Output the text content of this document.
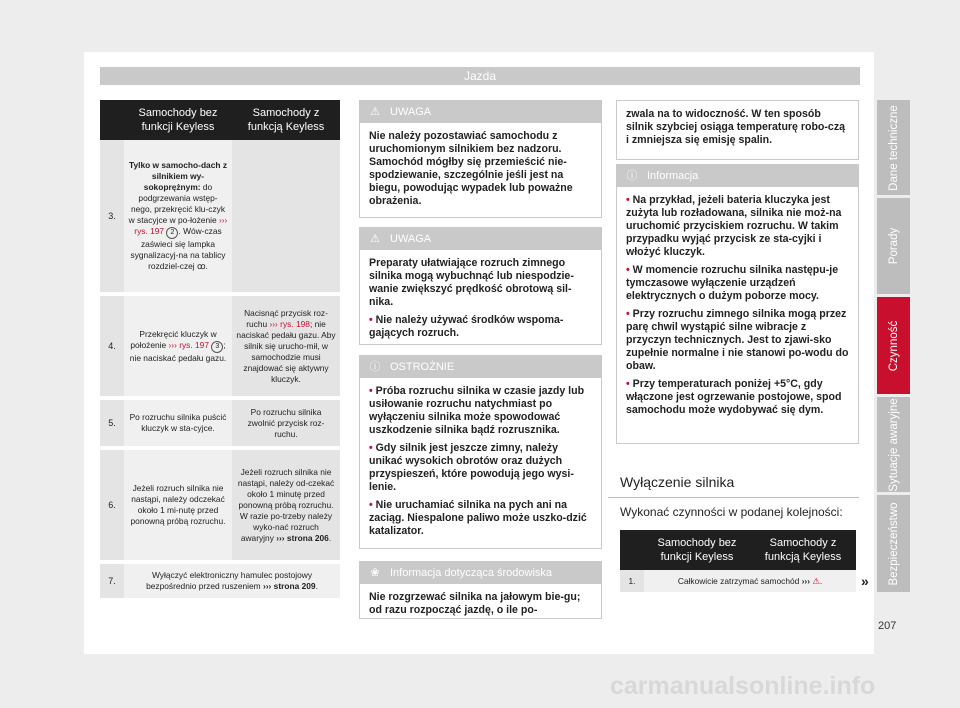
Jazda
Dane techniczne
Porady
Czynność
Sytuacje awaryjne
Bezpieczeństwo
	Samochody bez funkcji Keyless	Samochody z funkcją Keyless
3.	Tylko w samocho-dach z silnikiem wy-sokoprężnym: do podgrzewania wstęp-nego, przekręcić klu-czyk w stacyjce w po-łożenie ››› rys. 197 2 . Wów-czas zaświeci się lampka sygnalizacyj-na na tablicy rozdziel-czej ꝏ.	
4.	Przekręcić kluczyk w położenie ››› rys. 197 3 ; nie naciskać pedału gazu.	Nacisnąć przycisk roz-ruchu ››› rys. 198; nie naciskać pedału gazu. Aby silnik się urucho-mił, w samochodzie musi znajdować się aktywny kluczyk.
5.	Po rozruchu silnika puścić kluczyk w sta-cyjce.	Po rozruchu silnika zwolnić przycisk roz-ruchu.
6.	Jeżeli rozruch silnika nie nastąpi, należy odczekać około 1 mi-nutę przed ponowną próbą rozruchu.	Jeżeli rozruch silnika nie nastąpi, należy od-czekać około 1 minutę przed ponowną próbą rozruchu. W razie po-trzeby należy wyko-nać rozruch awaryjny ››› strona 206.
7.	Wyłączyć elektroniczny hamulec postojowy bezpośrednio przed ruszeniem ››› strona 209.	
⚠ UWAGA
Nie należy pozostawiać samochodu z uruchomionym silnikiem bez nadzoru. Samochód mógłby się przemieścić nie-spodziewanie, szczególnie jeśli jest na biegu, powodując wypadek lub poważne obrażenia.
⚠ UWAGA

Preparaty ułatwiające rozruch zimnego silnika mogą wybuchnąć lub niespodzie-wanie zwiększyć prędkość obrotową sil-nika.

• Nie należy używać środków wspoma-gających rozruch.

ⓘ OSTROŻNIE

• Próba rozruchu silnika w czasie jazdy lub usiłowanie rozruchu natychmiast po wyłączeniu silnika może spowodować uszkodzenie silnika bądź rozrusznika.

• Gdy silnik jest jeszcze zimny, należy unikać wysokich obrotów oraz dużych przyspieszeń, które powodują jego wysi-lenie.

• Nie uruchamiać silnika na pych ani na zaciąg. Niespalone paliwo może uszko-dzić katalizator.

❀ Informacja dotycząca środowiska
Nie rozgrzewać silnika na jałowym bie-gu; od razu rozpocząć jazdę, o ile po-
zwala na to widoczność. W ten sposób silnik szybciej osiąga temperaturę robo-czą i zmniejsza się emisję spalin.
ⓘ Informacja

• Na przykład, jeżeli bateria kluczyka jest zużyta lub rozładowana, silnika nie moż-na uruchomić przyciskiem rozruchu. W takim przypadku wyjąć przycisk ze sta-cyjki i włożyć kluczyk.

• W momencie rozruchu silnika następu-je tymczasowe wyłączenie urządzeń elektrycznych o dużym poborze mocy.

• Przy rozruchu zimnego silnika mogą przez parę chwil wystąpić silne wibracje z przyczyn technicznych. Jest to zjawi-sko zupełnie normalne i nie stanowi po-wodu do obaw.

• Przy temperaturach poniżej +5°C, gdy włączone jest ogrzewanie postojowe, spod samochodu może wydobywać się dym.

Wyłączenie silnika
Wykonać czynności w podanej kolejności:
	Samochody bez funkcji Keyless	Samochody z funkcją Keyless
1.	Całkowicie zatrzymać samochód ››› ⚠.		»
207
carmanualsonline.info
